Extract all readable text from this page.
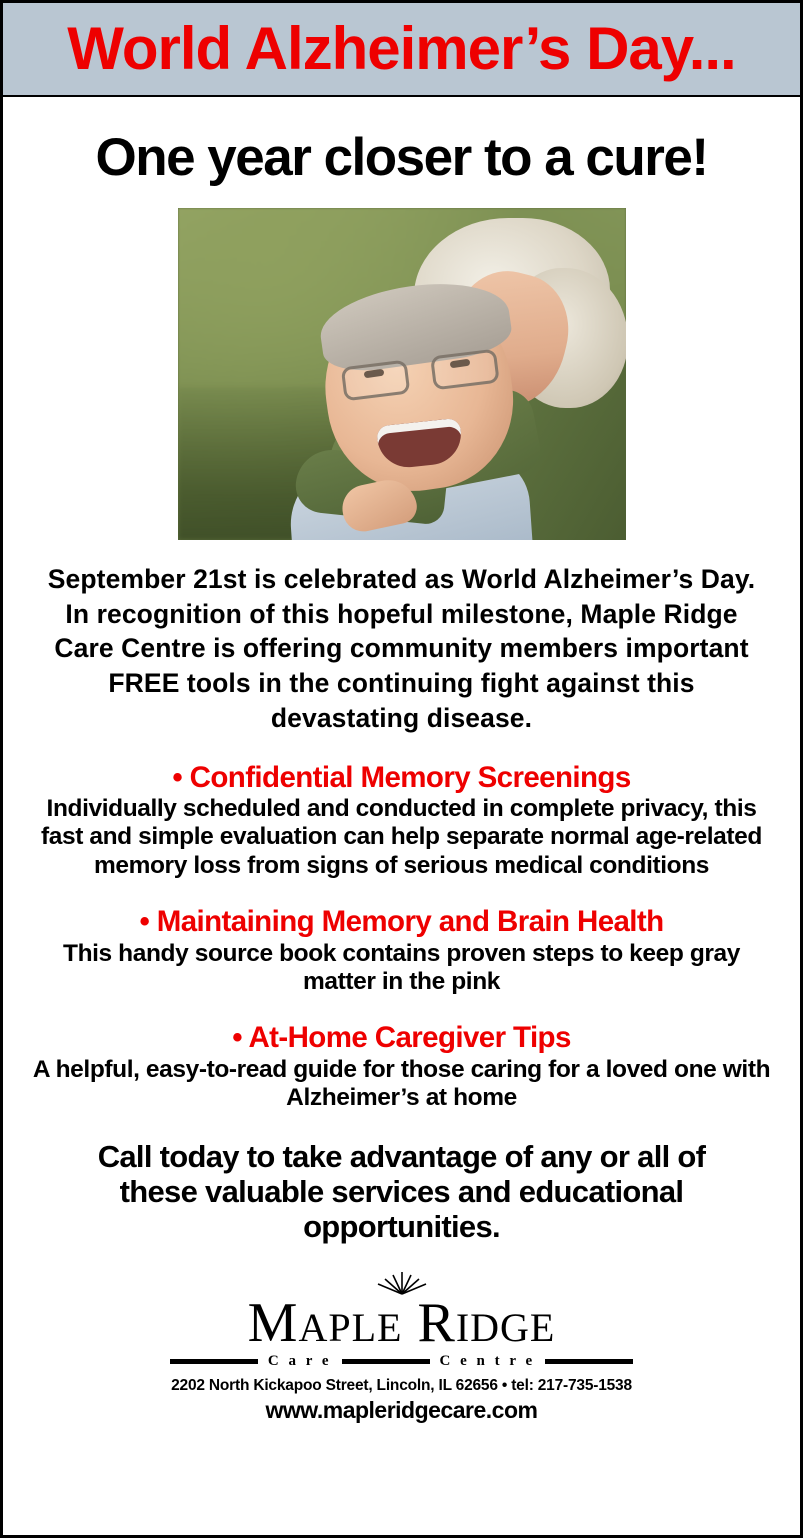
World Alzheimer’s Day...
One year closer to a cure!
September 21st is celebrated as World Alzheimer’s Day. In recognition of this hopeful milestone, Maple Ridge Care Centre is offering community members important FREE tools in the continuing fight against this devastating disease.
• Confidential Memory Screenings
Individually scheduled and conducted in complete privacy, this fast and simple evaluation can help separate normal age-related memory loss from signs of serious medical conditions
• Maintaining Memory and Brain Health
This handy source book contains proven steps to keep gray matter in the pink
• At-Home Caregiver Tips
A helpful, easy-to-read guide for those caring for a loved one with Alzheimer’s at home
Call today to take advantage of any or all of these valuable services and educational opportunities.
MAPLE RIDGE
C a r e	C e n t r e
2202 North Kickapoo Street, Lincoln, IL 62656 • tel: 217-735-1538
www.mapleridgecare.com
